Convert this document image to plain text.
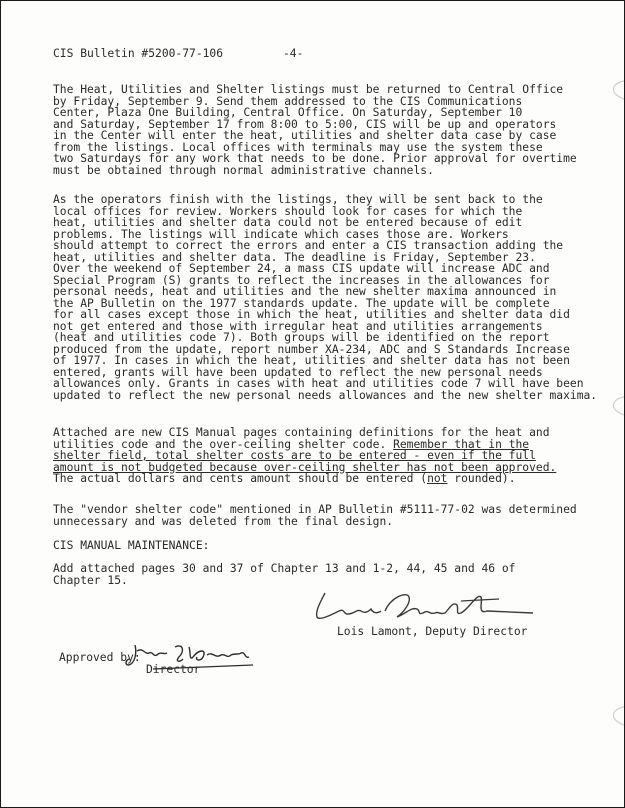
CIS Bulletin #5200-77-106	-4-
The Heat, Utilities and Shelter listings must be returned to Central Office
by Friday, September 9. Send them addressed to the CIS Communications
Center, Plaza One Building, Central Office. On Saturday, September 10
and Saturday, September 17 from 8:00 to 5:00, CIS will be up and operators
in the Center will enter the heat, utilities and shelter data case by case
from the listings. Local offices with terminals may use the system these
two Saturdays for any work that needs to be done. Prior approval for overtime
must be obtained through normal administrative channels.
As the operators finish with the listings, they will be sent back to the
local offices for review. Workers should look for cases for which the
heat, utilities and shelter data could not be entered because of edit
problems. The listings will indicate which cases those are. Workers
should attempt to correct the errors and enter a CIS transaction adding the
heat, utilities and shelter data. The deadline is Friday, September 23.
Over the weekend of September 24, a mass CIS update will increase ADC and
Special Program (S) grants to reflect the increases in the allowances for
personal needs, heat and utilities and the new shelter maxima announced in
the AP Bulletin on the 1977 standards update. The update will be complete
for all cases except those in which the heat, utilities and shelter data did
not get entered and those with irregular heat and utilities arrangements
(heat and utilities code 7). Both groups will be identified on the report
produced from the update, report number XA-234, ADC and S Standards Increase
of 1977. In cases in which the heat, utilities and shelter data has not been
entered, grants will have been updated to reflect the new personal needs
allowances only. Grants in cases with heat and utilities code 7 will have been
updated to reflect the new personal needs allowances and the new shelter maxima.
Attached are new CIS Manual pages containing definitions for the heat and
utilities code and the over-ceiling shelter code. Remember that in the
shelter field, total shelter costs are to be entered - even if the full
amount is not budgeted because over-ceiling shelter has not been approved.
The actual dollars and cents amount should be entered (not rounded).
The "vendor shelter code" mentioned in AP Bulletin #5111-77-02 was determined
unnecessary and was deleted from the final design.
CIS MANUAL MAINTENANCE:
Add attached pages 30 and 37 of Chapter 13 and 1-2, 44, 45 and 46 of
Chapter 15.
Lois Lamont, Deputy Director
Approved by:
Director
